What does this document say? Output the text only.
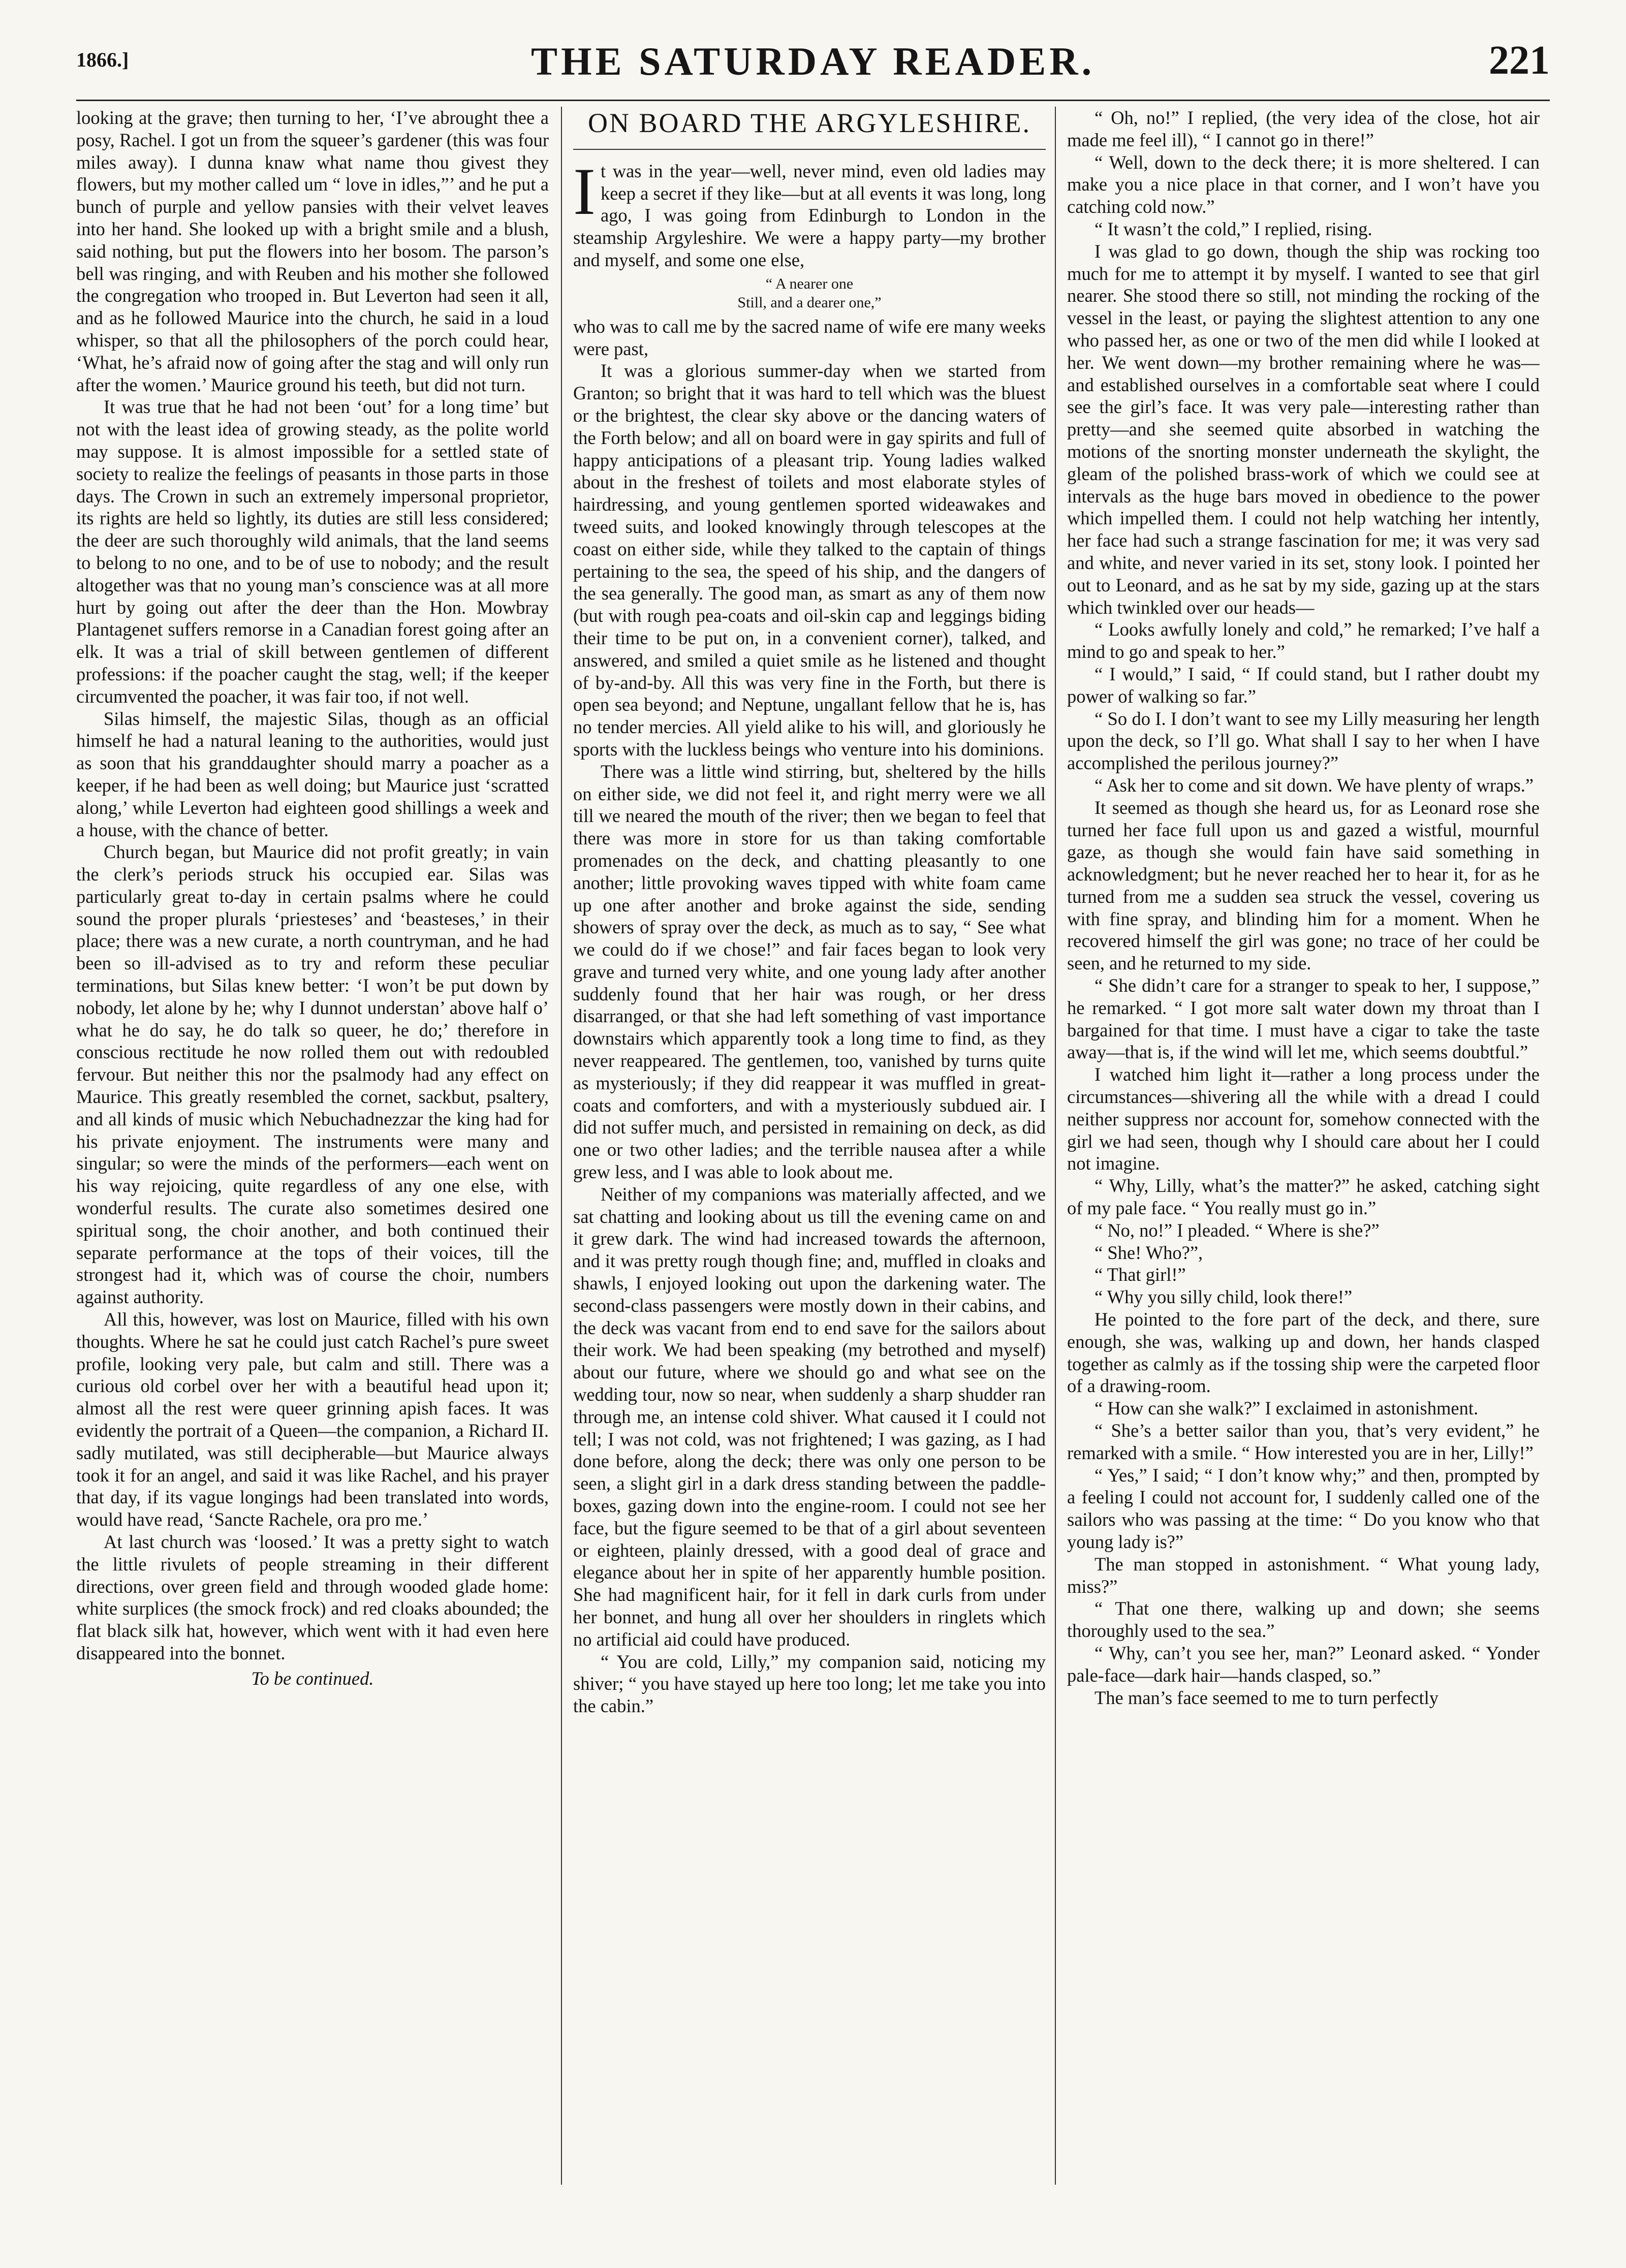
1866.]	THE SATURDAY READER.	221

looking at the grave; then turning to her, ‘I’ve abrought thee a posy, Rachel. I got un from the squeer’s gardener (this was four miles away). I dunna knaw what name thou givest they flowers, but my mother called um “ love in idles,”’ and he put a bunch of purple and yellow pansies with their velvet leaves into her hand. She looked up with a bright smile and a blush, said nothing, but put the flowers into her bosom. The parson’s bell was ringing, and with Reuben and his mother she followed the congregation who trooped in. But Leverton had seen it all, and as he followed Maurice into the church, he said in a loud whisper, so that all the philosophers of the porch could hear, ‘What, he’s afraid now of going after the stag and will only run after the women.’ Maurice ground his teeth, but did not turn.

It was true that he had not been ‘out’ for a long time’ but not with the least idea of growing steady, as the polite world may suppose. It is almost impossible for a settled state of society to realize the feelings of peasants in those parts in those days. The Crown in such an extremely impersonal proprietor, its rights are held so lightly, its duties are still less considered; the deer are such thoroughly wild animals, that the land seems to belong to no one, and to be of use to nobody; and the result altogether was that no young man’s conscience was at all more hurt by going out after the deer than the Hon. Mowbray Plantagenet suffers remorse in a Canadian forest going after an elk. It was a trial of skill between gentlemen of different professions: if the poacher caught the stag, well; if the keeper circumvented the poacher, it was fair too, if not well.

Silas himself, the majestic Silas, though as an official himself he had a natural leaning to the authorities, would just as soon that his granddaughter should marry a poacher as a keeper, if he had been as well doing; but Maurice just ‘scratted along,’ while Leverton had eighteen good shillings a week and a house, with the chance of better.

Church began, but Maurice did not profit greatly; in vain the clerk’s periods struck his occupied ear. Silas was particularly great to-day in certain psalms where he could sound the proper plurals ‘priesteses’ and ‘beasteses,’ in their place; there was a new curate, a north countryman, and he had been so ill-advised as to try and reform these peculiar terminations, but Silas knew better: ‘I won’t be put down by nobody, let alone by he; why I dunnot understan’ above half o’ what he do say, he do talk so queer, he do;’ therefore in conscious rectitude he now rolled them out with redoubled fervour. But neither this nor the psalmody had any effect on Maurice. This greatly resembled the cornet, sackbut, psaltery, and all kinds of music which Nebuchadnezzar the king had for his private enjoyment. The instruments were many and singular; so were the minds of the performers—each went on his way rejoicing, quite regardless of any one else, with wonderful results. The curate also sometimes desired one spiritual song, the choir another, and both continued their separate performance at the tops of their voices, till the strongest had it, which was of course the choir, numbers against authority.

All this, however, was lost on Maurice, filled with his own thoughts. Where he sat he could just catch Rachel’s pure sweet profile, looking very pale, but calm and still. There was a curious old corbel over her with a beautiful head upon it; almost all the rest were queer grinning apish faces. It was evidently the portrait of a Queen—the companion, a Richard II. sadly mutilated, was still decipherable—but Maurice always took it for an angel, and said it was like Rachel, and his prayer that day, if its vague longings had been translated into words, would have read, ‘Sancte Rachele, ora pro me.’

At last church was ‘loosed.’ It was a pretty sight to watch the little rivulets of people streaming in their different directions, over green field and through wooded glade home: white surplices (the smock frock) and red cloaks abounded; the flat black silk hat, however, which went with it had even here disappeared into the bonnet.

To be continued.
ON BOARD THE ARGYLESHIRE.

It was in the year—well, never mind, even old ladies may keep a secret if they like—but at all events it was long, long ago, I was going from Edinburgh to London in the steamship Argyleshire. We were a happy party—my brother and myself, and some one else,

“ A nearer one
Still, and a dearer one,”

who was to call me by the sacred name of wife ere many weeks were past,

It was a glorious summer-day when we started from Granton; so bright that it was hard to tell which was the bluest or the brightest, the clear sky above or the dancing waters of the Forth below; and all on board were in gay spirits and full of happy anticipations of a pleasant trip. Young ladies walked about in the freshest of toilets and most elaborate styles of hairdressing, and young gentlemen sported wideawakes and tweed suits, and looked knowingly through telescopes at the coast on either side, while they talked to the captain of things pertaining to the sea, the speed of his ship, and the dangers of the sea generally. The good man, as smart as any of them now (but with rough pea-coats and oil-skin cap and leggings biding their time to be put on, in a convenient corner), talked, and answered, and smiled a quiet smile as he listened and thought of by-and-by. All this was very fine in the Forth, but there is open sea beyond; and Neptune, ungallant fellow that he is, has no tender mercies. All yield alike to his will, and gloriously he sports with the luckless beings who venture into his dominions.

There was a little wind stirring, but, sheltered by the hills on either side, we did not feel it, and right merry were we all till we neared the mouth of the river; then we began to feel that there was more in store for us than taking comfortable promenades on the deck, and chatting pleasantly to one another; little provoking waves tipped with white foam came up one after another and broke against the side, sending showers of spray over the deck, as much as to say, “ See what we could do if we chose!” and fair faces began to look very grave and turned very white, and one young lady after another suddenly found that her hair was rough, or her dress disarranged, or that she had left something of vast importance downstairs which apparently took a long time to find, as they never reappeared. The gentlemen, too, vanished by turns quite as mysteriously; if they did reappear it was muffled in great-coats and comforters, and with a mysteriously subdued air. I did not suffer much, and persisted in remaining on deck, as did one or two other ladies; and the terrible nausea after a while grew less, and I was able to look about me.

Neither of my companions was materially affected, and we sat chatting and looking about us till the evening came on and it grew dark. The wind had increased towards the afternoon, and it was pretty rough though fine; and, muffled in cloaks and shawls, I enjoyed looking out upon the darkening water. The second-class passengers were mostly down in their cabins, and the deck was vacant from end to end save for the sailors about their work. We had been speaking (my betrothed and myself) about our future, where we should go and what see on the wedding tour, now so near, when suddenly a sharp shudder ran through me, an intense cold shiver. What caused it I could not tell; I was not cold, was not frightened; I was gazing, as I had done before, along the deck; there was only one person to be seen, a slight girl in a dark dress standing between the paddle-boxes, gazing down into the engine-room. I could not see her face, but the figure seemed to be that of a girl about seventeen or eighteen, plainly dressed, with a good deal of grace and elegance about her in spite of her apparently humble position. She had magnificent hair, for it fell in dark curls from under her bonnet, and hung all over her shoulders in ringlets which no artificial aid could have produced.

“ You are cold, Lilly,” my companion said, noticing my shiver; “ you have stayed up here too long; let me take you into the cabin.”

“ Oh, no!” I replied, (the very idea of the close, hot air made me feel ill), “ I cannot go in there!”

“ Well, down to the deck there; it is more sheltered. I can make you a nice place in that corner, and I won’t have you catching cold now.”

“ It wasn’t the cold,” I replied, rising.

I was glad to go down, though the ship was rocking too much for me to attempt it by myself. I wanted to see that girl nearer. She stood there so still, not minding the rocking of the vessel in the least, or paying the slightest attention to any one who passed her, as one or two of the men did while I looked at her. We went down—my brother remaining where he was—and established ourselves in a comfortable seat where I could see the girl’s face. It was very pale—interesting rather than pretty—and she seemed quite absorbed in watching the motions of the snorting monster underneath the skylight, the gleam of the polished brass-work of which we could see at intervals as the huge bars moved in obedience to the power which impelled them. I could not help watching her intently, her face had such a strange fascination for me; it was very sad and white, and never varied in its set, stony look. I pointed her out to Leonard, and as he sat by my side, gazing up at the stars which twinkled over our heads—

“ Looks awfully lonely and cold,” he remarked; I’ve half a mind to go and speak to her.”

“ I would,” I said, “ If could stand, but I rather doubt my power of walking so far.”

“ So do I. I don’t want to see my Lilly measuring her length upon the deck, so I’ll go. What shall I say to her when I have accomplished the perilous journey?”

“ Ask her to come and sit down. We have plenty of wraps.”

It seemed as though she heard us, for as Leonard rose she turned her face full upon us and gazed a wistful, mournful gaze, as though she would fain have said something in acknowledgment; but he never reached her to hear it, for as he turned from me a sudden sea struck the vessel, covering us with fine spray, and blinding him for a moment. When he recovered himself the girl was gone; no trace of her could be seen, and he returned to my side.

“ She didn’t care for a stranger to speak to her, I suppose,” he remarked. “ I got more salt water down my throat than I bargained for that time. I must have a cigar to take the taste away—that is, if the wind will let me, which seems doubtful.”

I watched him light it—rather a long process under the circumstances—shivering all the while with a dread I could neither suppress nor account for, somehow connected with the girl we had seen, though why I should care about her I could not imagine.

“ Why, Lilly, what’s the matter?” he asked, catching sight of my pale face. “ You really must go in.”

“ No, no!” I pleaded. “ Where is she?”

“ She! Who?”,

“ That girl!”

“ Why you silly child, look there!”

He pointed to the fore part of the deck, and there, sure enough, she was, walking up and down, her hands clasped together as calmly as if the tossing ship were the carpeted floor of a drawing-room.

“ How can she walk?” I exclaimed in astonishment.

“ She’s a better sailor than you, that’s very evident,” he remarked with a smile. “ How interested you are in her, Lilly!”

“ Yes,” I said; “ I don’t know why;” and then, prompted by a feeling I could not account for, I suddenly called one of the sailors who was passing at the time: “ Do you know who that young lady is?”

The man stopped in astonishment. “ What young lady, miss?”

“ That one there, walking up and down; she seems thoroughly used to the sea.”

“ Why, can’t you see her, man?” Leonard asked. “ Yonder pale-face—dark hair—hands clasped, so.”

The man’s face seemed to me to turn perfectly
